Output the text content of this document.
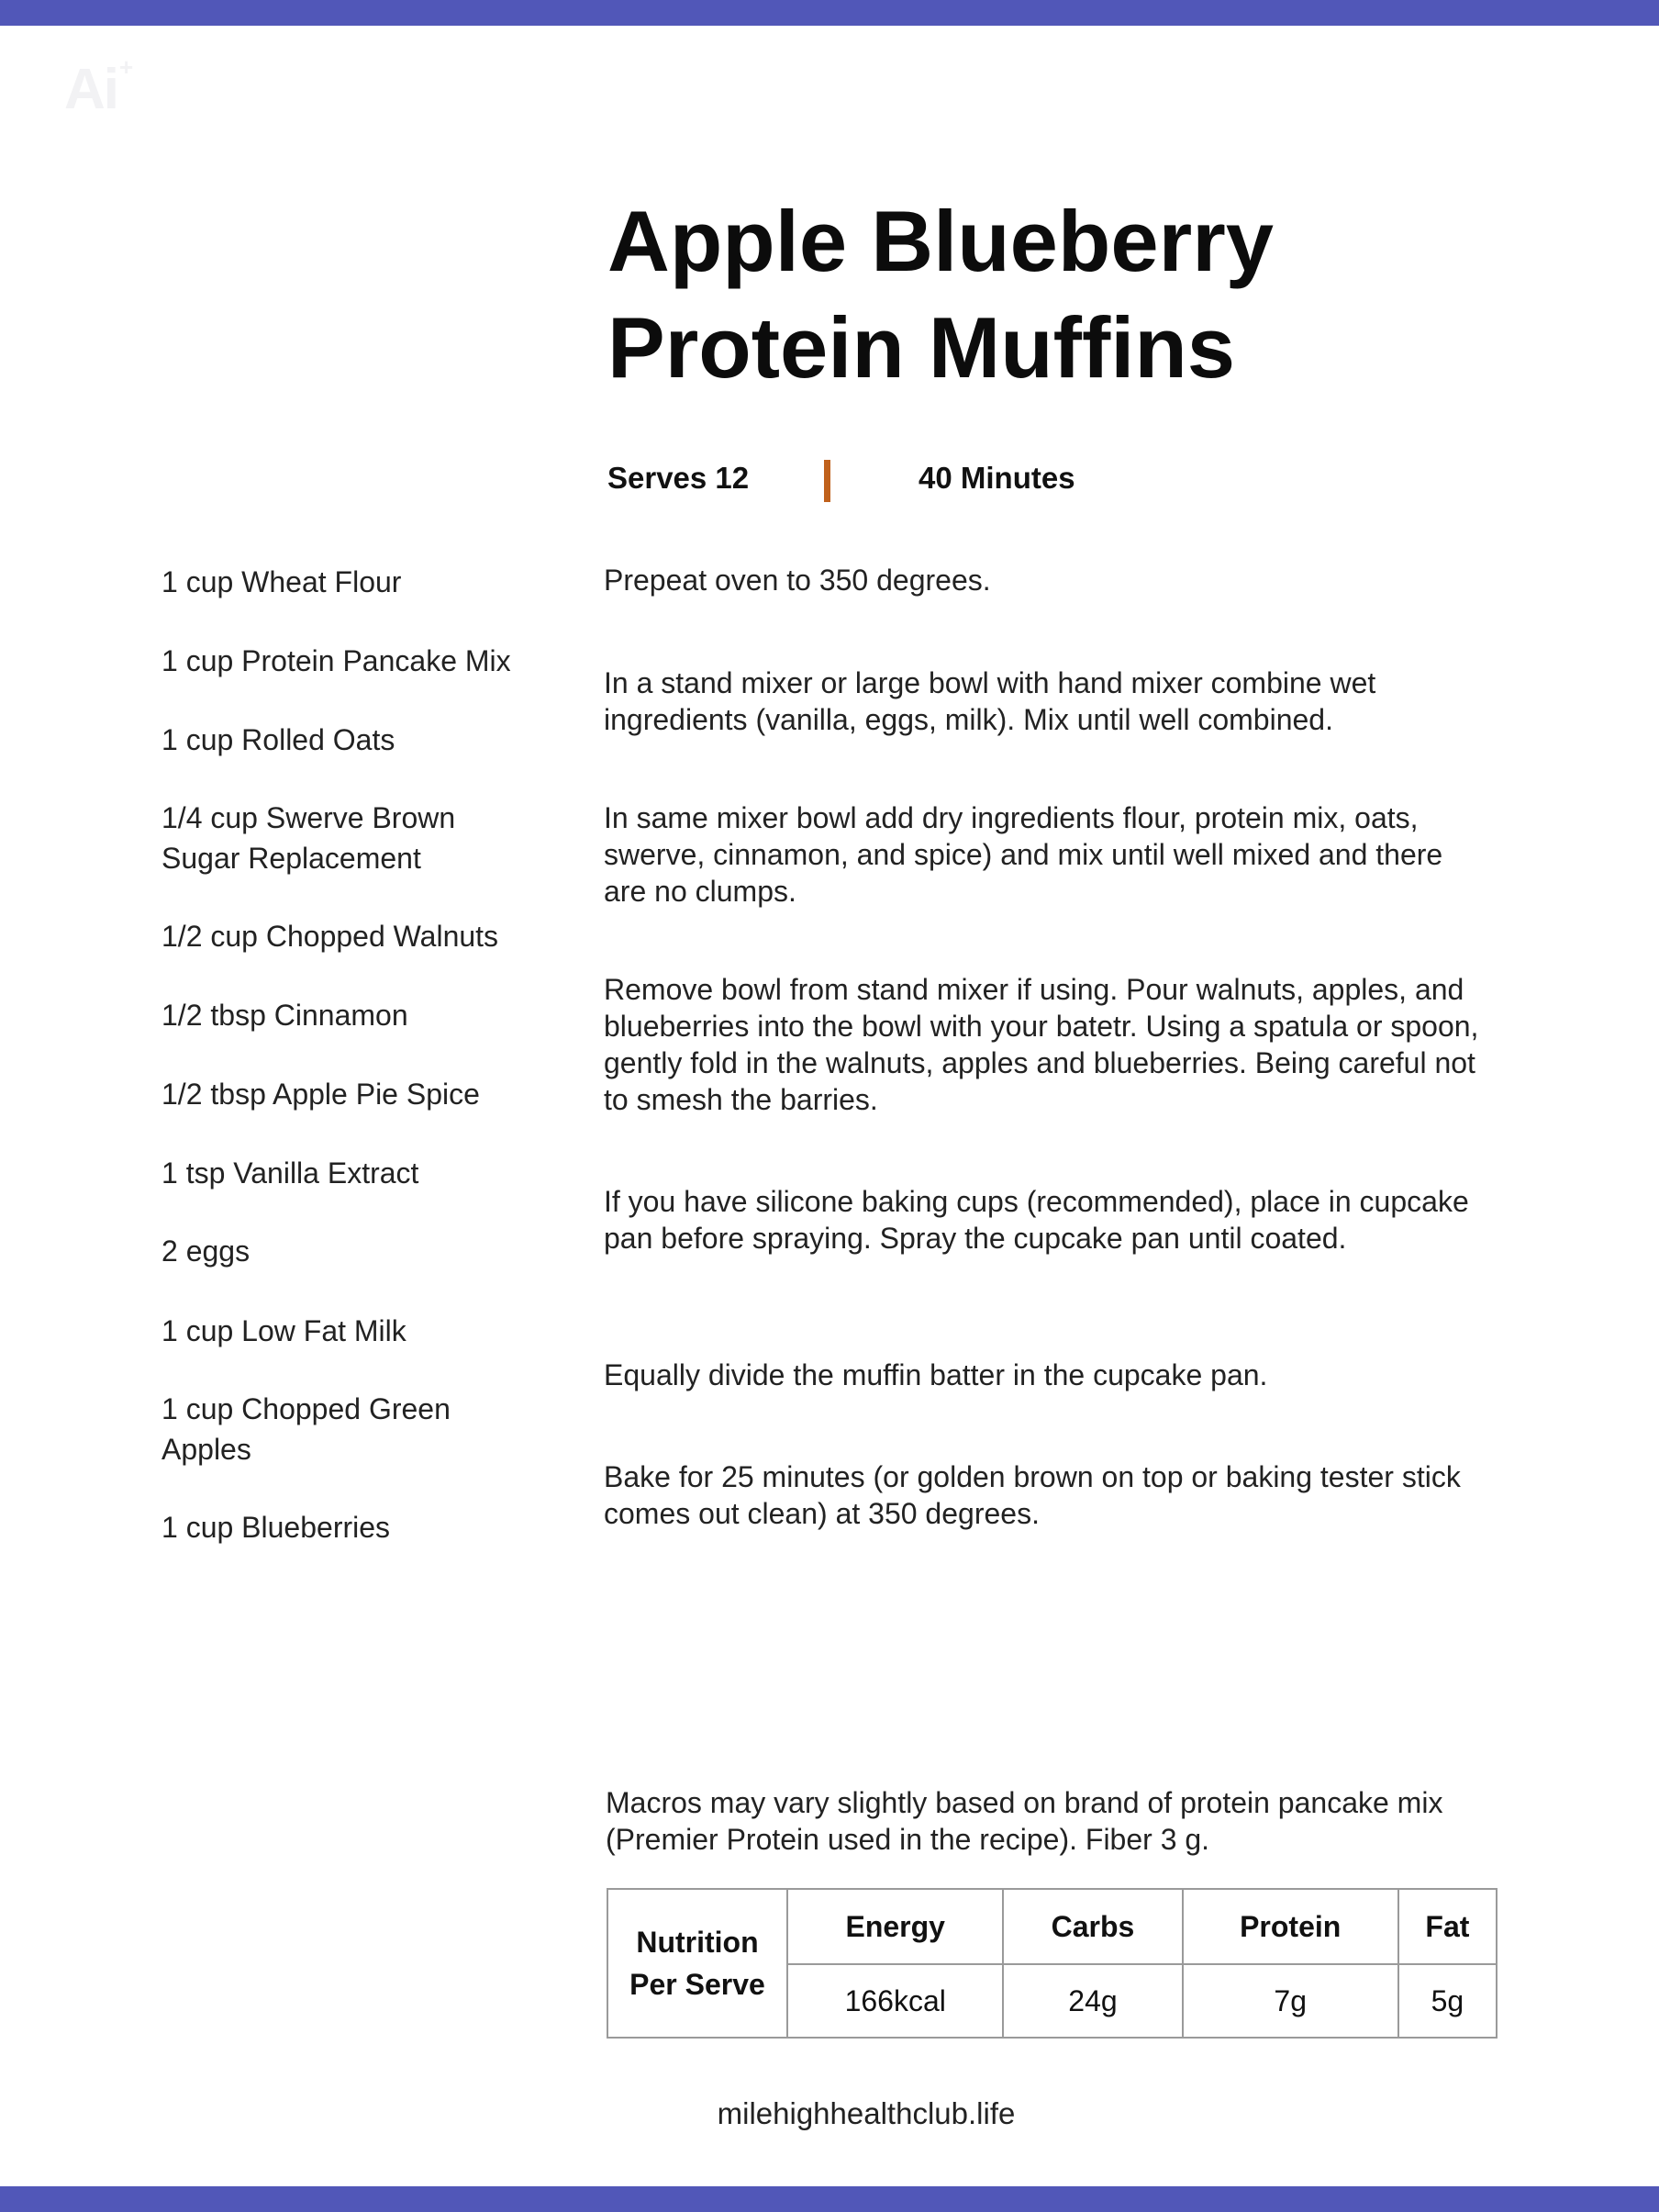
Ai+
Apple Blueberry
Protein Muffins
Serves 12	40 Minutes
1 cup Wheat Flour
1 cup Protein Pancake Mix
1 cup Rolled Oats
1/4 cup Swerve Brown Sugar Replacement
1/2 cup Chopped Walnuts
1/2 tbsp Cinnamon
1/2 tbsp Apple Pie Spice
1 tsp Vanilla Extract
2 eggs
1 cup Low Fat Milk
1 cup Chopped Green Apples
1 cup Blueberries
Prepeat oven to 350 degrees.
In a stand mixer or large bowl with hand mixer combine wet ingredients (vanilla, eggs, milk). Mix until well combined.
In same mixer bowl add dry ingredients flour, protein mix, oats, swerve, cinnamon, and spice) and mix until well mixed and there are no clumps.
Remove bowl from stand mixer if using. Pour walnuts, apples, and blueberries into the bowl with your batetr. Using a spatula or spoon, gently fold in the walnuts, apples and blueberries. Being careful not to smesh the barries.
If you have silicone baking cups (recommended), place in cupcake pan before spraying. Spray the cupcake pan until coated.
Equally divide the muffin batter in the cupcake pan.
Bake for 25 minutes (or golden brown on top or baking tester stick comes out clean) at 350 degrees.
Macros may vary slightly based on brand of protein pancake mix (Premier Protein used in the recipe). Fiber 3 g.
Nutrition
Per Serve	Energy	Carbs	Protein	Fat
	166kcal	24g	7g	5g
milehighhealthclub.life
